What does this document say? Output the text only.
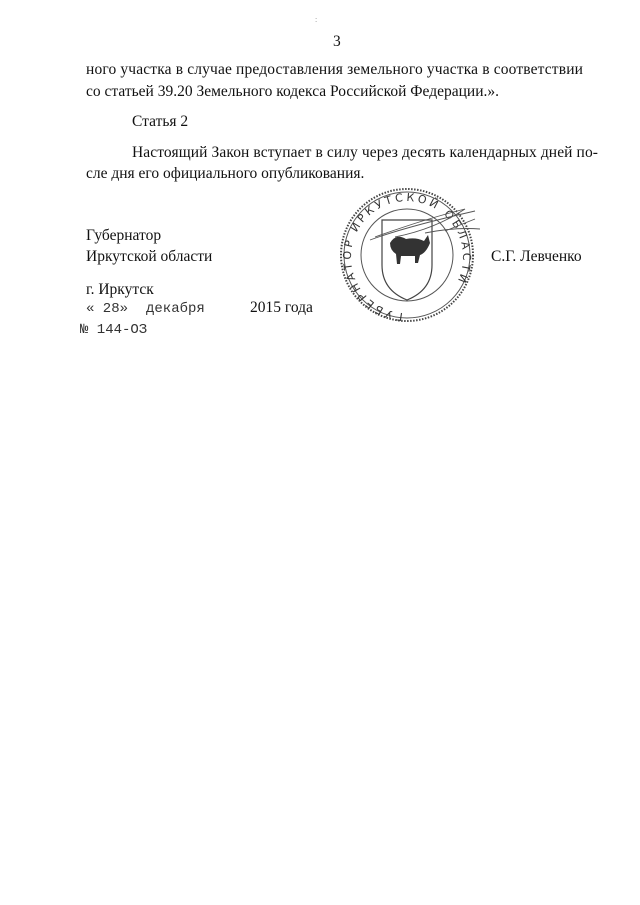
3
ного участка в случае предоставления земельного участка в соответствии
со статьей 39.20 Земельного кодекса Российской Федерации.».
Статья 2
Настоящий Закон вступает в силу через десять календарных дней по-
сле дня его официального опубликования.
Губернатор
Иркутской области	С.Г. Левченко
г. Иркутск
« 28» декабря	2015 года
№ 144-ОЗ
ГУБЕРНАТОР ИРКУТСКОЙ ОБЛАСТИ
:
